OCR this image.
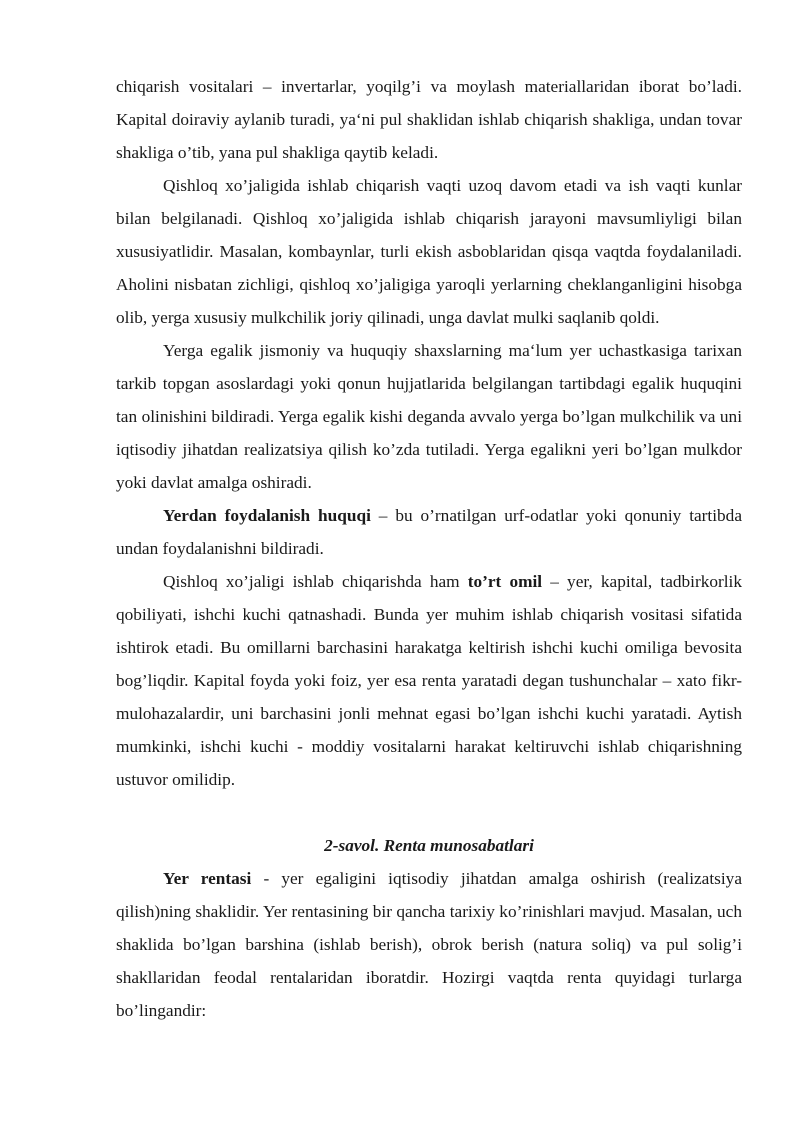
chiqarish vositalari – invertarlar, yoqilg’i va moylash materiallaridan iborat bo’ladi. Kapital doiraviy aylanib turadi, ya‘ni pul shaklidan ishlab chiqarish shakliga, undan tovar shakliga o’tib, yana pul shakliga qaytib keladi.

Qishloq xo’jaligida ishlab chiqarish vaqti uzoq davom etadi va ish vaqti kunlar bilan belgilanadi. Qishloq xo’jaligida ishlab chiqarish jarayoni mavsumliyligi bilan xususiyatlidir. Masalan, kombaynlar, turli ekish asboblaridan qisqa vaqtda foydalaniladi. Aholini nisbatan zichligi, qishloq xo’jaligiga yaroqli yerlarning cheklanganligini hisobga olib, yerga xususiy mulkchilik joriy qilinadi, unga davlat mulki saqlanib qoldi.

Yerga egalik jismoniy va huquqiy shaxslarning ma‘lum yer uchastkasiga tarixan tarkib topgan asoslardagi yoki qonun hujjatlarida belgilangan tartibdagi egalik huquqini tan olinishini bildiradi. Yerga egalik kishi deganda avvalo yerga bo’lgan mulkchilik va uni iqtisodiy jihatdan realizatsiya qilish ko’zda tutiladi. Yerga egalikni yeri bo’lgan mulkdor yoki davlat amalga oshiradi.

Yerdan foydalanish huquqi – bu o’rnatilgan urf-odatlar yoki qonuniy tartibda undan foydalanishni bildiradi.

Qishloq xo’jaligi ishlab chiqarishda ham to’rt omil – yer, kapital, tadbirkorlik qobiliyati, ishchi kuchi qatnashadi. Bunda yer muhim ishlab chiqarish vositasi sifatida ishtirok etadi. Bu omillarni barchasini harakatga keltirish ishchi kuchi omiliga bevosita bog’liqdir. Kapital foyda yoki foiz, yer esa renta yaratadi degan tushunchalar – xato fikr-mulohazalardir, uni barchasini jonli mehnat egasi bo’lgan ishchi kuchi yaratadi. Aytish mumkinki, ishchi kuchi - moddiy vositalarni harakat keltiruvchi ishlab chiqarishning ustuvor omilidip.

2-savol. Renta munosabatlari

Yer rentasi - yer egaligini iqtisodiy jihatdan amalga oshirish (realizatsiya qilish)ning shaklidir. Yer rentasining bir qancha tarixiy ko’rinishlari mavjud. Masalan, uch shaklida bo’lgan barshina (ishlab berish), obrok berish (natura soliq) va pul solig’i shakllaridan feodal rentalaridan iboratdir. Hozirgi vaqtda renta quyidagi turlarga bo’lingandir:
